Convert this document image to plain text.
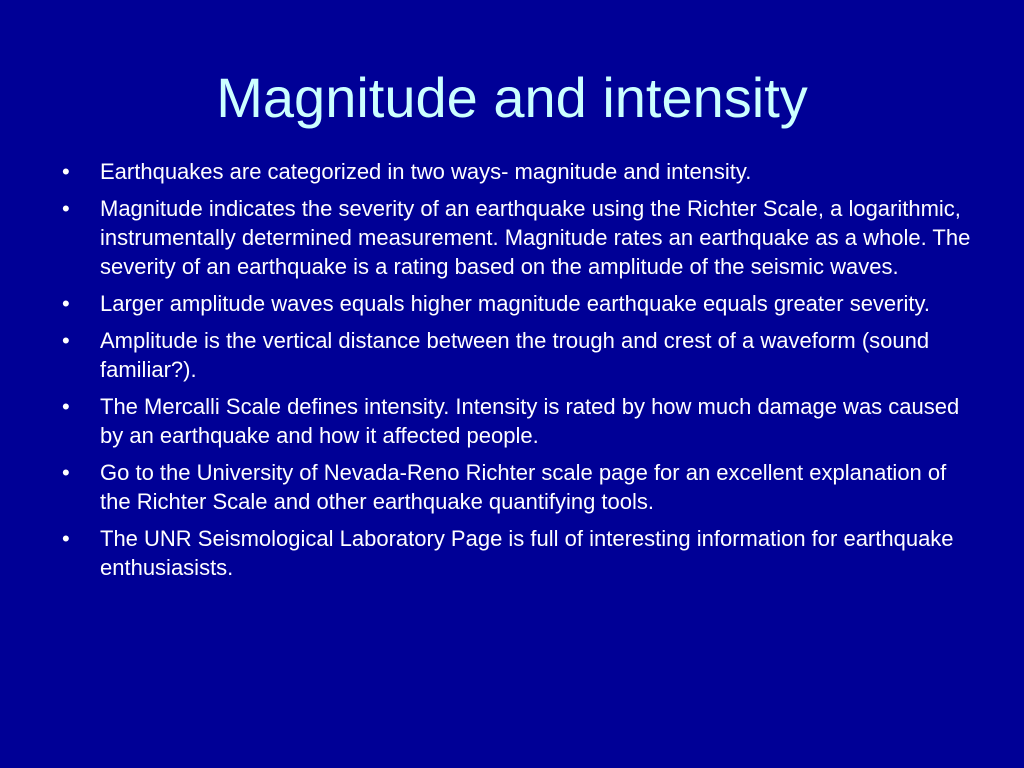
Magnitude and intensity
• Earthquakes are categorized in two ways- magnitude and intensity.
• Magnitude indicates the severity of an earthquake using the Richter Scale, a logarithmic, instrumentally determined measurement. Magnitude rates an earthquake as a whole. The severity of an earthquake is a rating based on the amplitude of the seismic waves.
• Larger amplitude waves equals higher magnitude earthquake equals greater severity.
• Amplitude is the vertical distance between the trough and crest of a waveform (sound familiar?).
• The Mercalli Scale defines intensity. Intensity is rated by how much damage was caused by an earthquake and how it affected people.
• Go to the University of Nevada-Reno Richter scale page for an excellent explanation of the Richter Scale and other earthquake quantifying tools.
• The UNR Seismological Laboratory Page is full of interesting information for earthquake enthusiasists.
